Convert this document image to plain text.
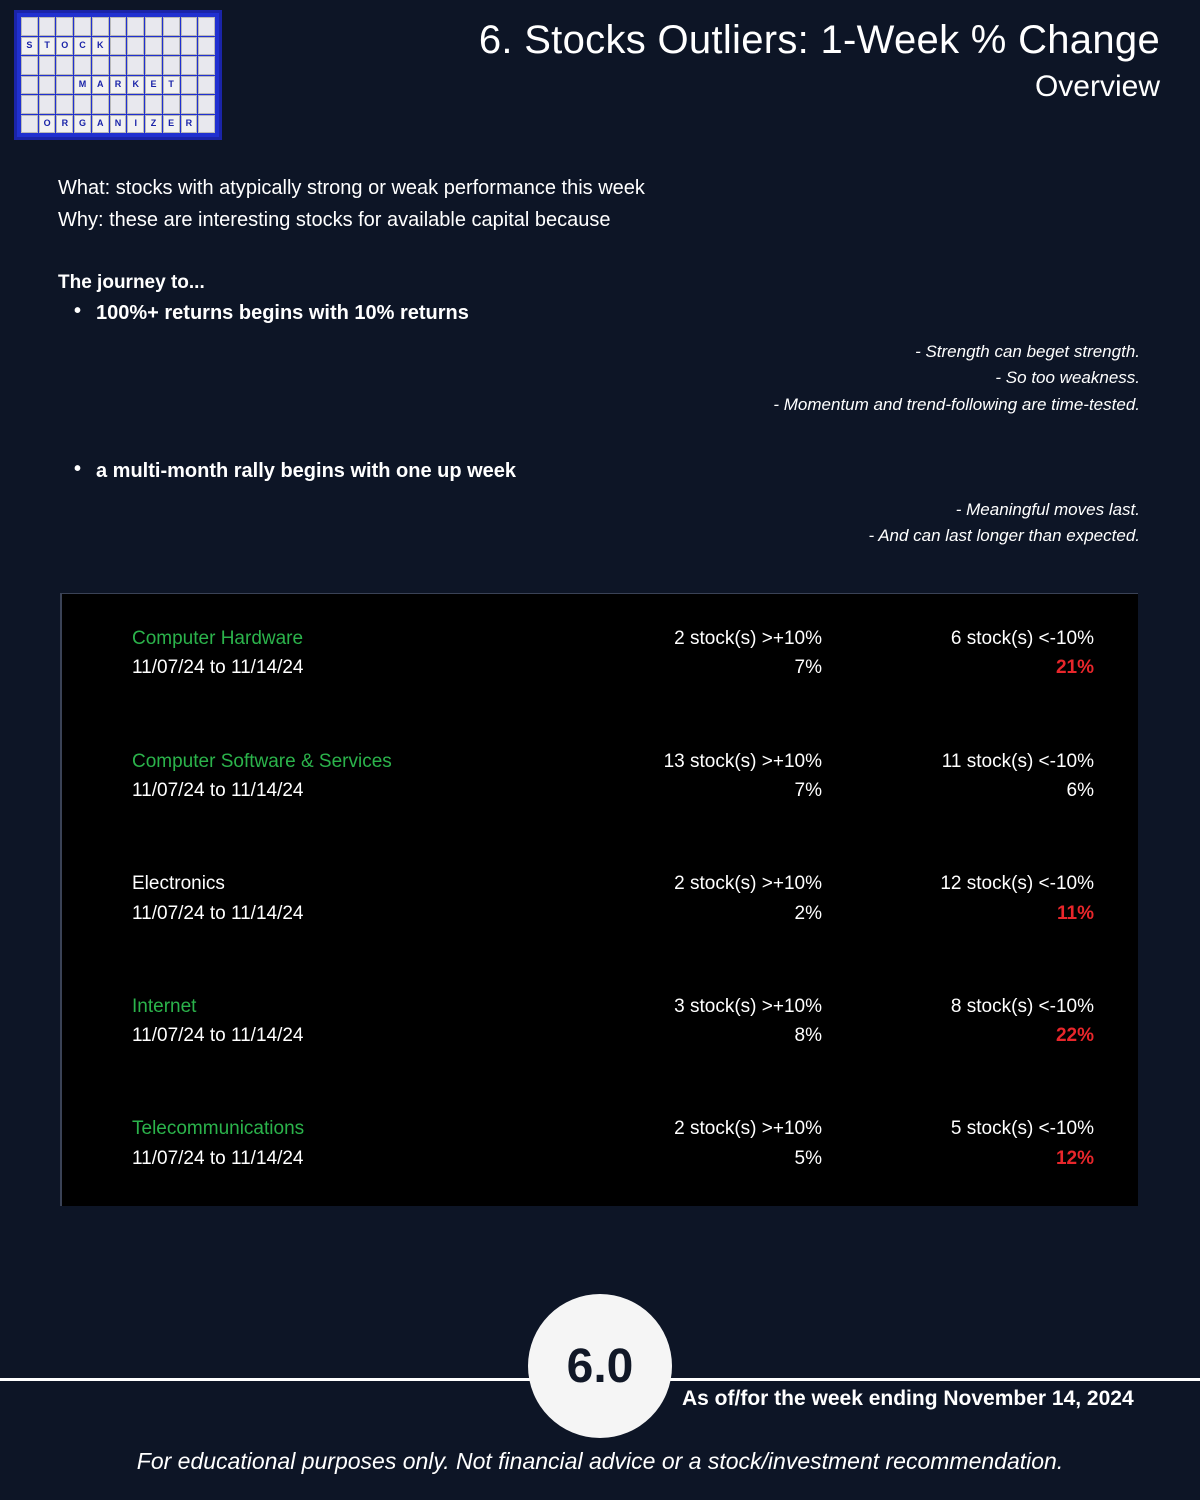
S	T	O	C	K
M	A	R	K	E	T
O	R	G	A	N	I	Z	E	R
6. Stocks Outliers: 1-Week % Change
Overview
What: stocks with atypically strong or weak performance this week
Why: these are interesting stocks for available capital because
The journey to...
• 100%+ returns begins with 10% returns
- Strength can beget strength.
- So too weakness.
- Momentum and trend-following are time-tested.
• a multi-month rally begins with one up week
- Meaningful moves last.
- And can last longer than expected.
Computer Hardware
11/07/24 to 11/14/24
2 stock(s) >+10%
7%
6 stock(s) <-10%
21%
Computer Software & Services
11/07/24 to 11/14/24
13 stock(s) >+10%
7%
11 stock(s) <-10%
6%
Electronics
11/07/24 to 11/14/24
2 stock(s) >+10%
2%
12 stock(s) <-10%
11%
Internet
11/07/24 to 11/14/24
3 stock(s) >+10%
8%
8 stock(s) <-10%
22%
Telecommunications
11/07/24 to 11/14/24
2 stock(s) >+10%
5%
5 stock(s) <-10%
12%
6.0
As of/for the week ending November 14, 2024
For educational purposes only. Not financial advice or a stock/investment recommendation.
